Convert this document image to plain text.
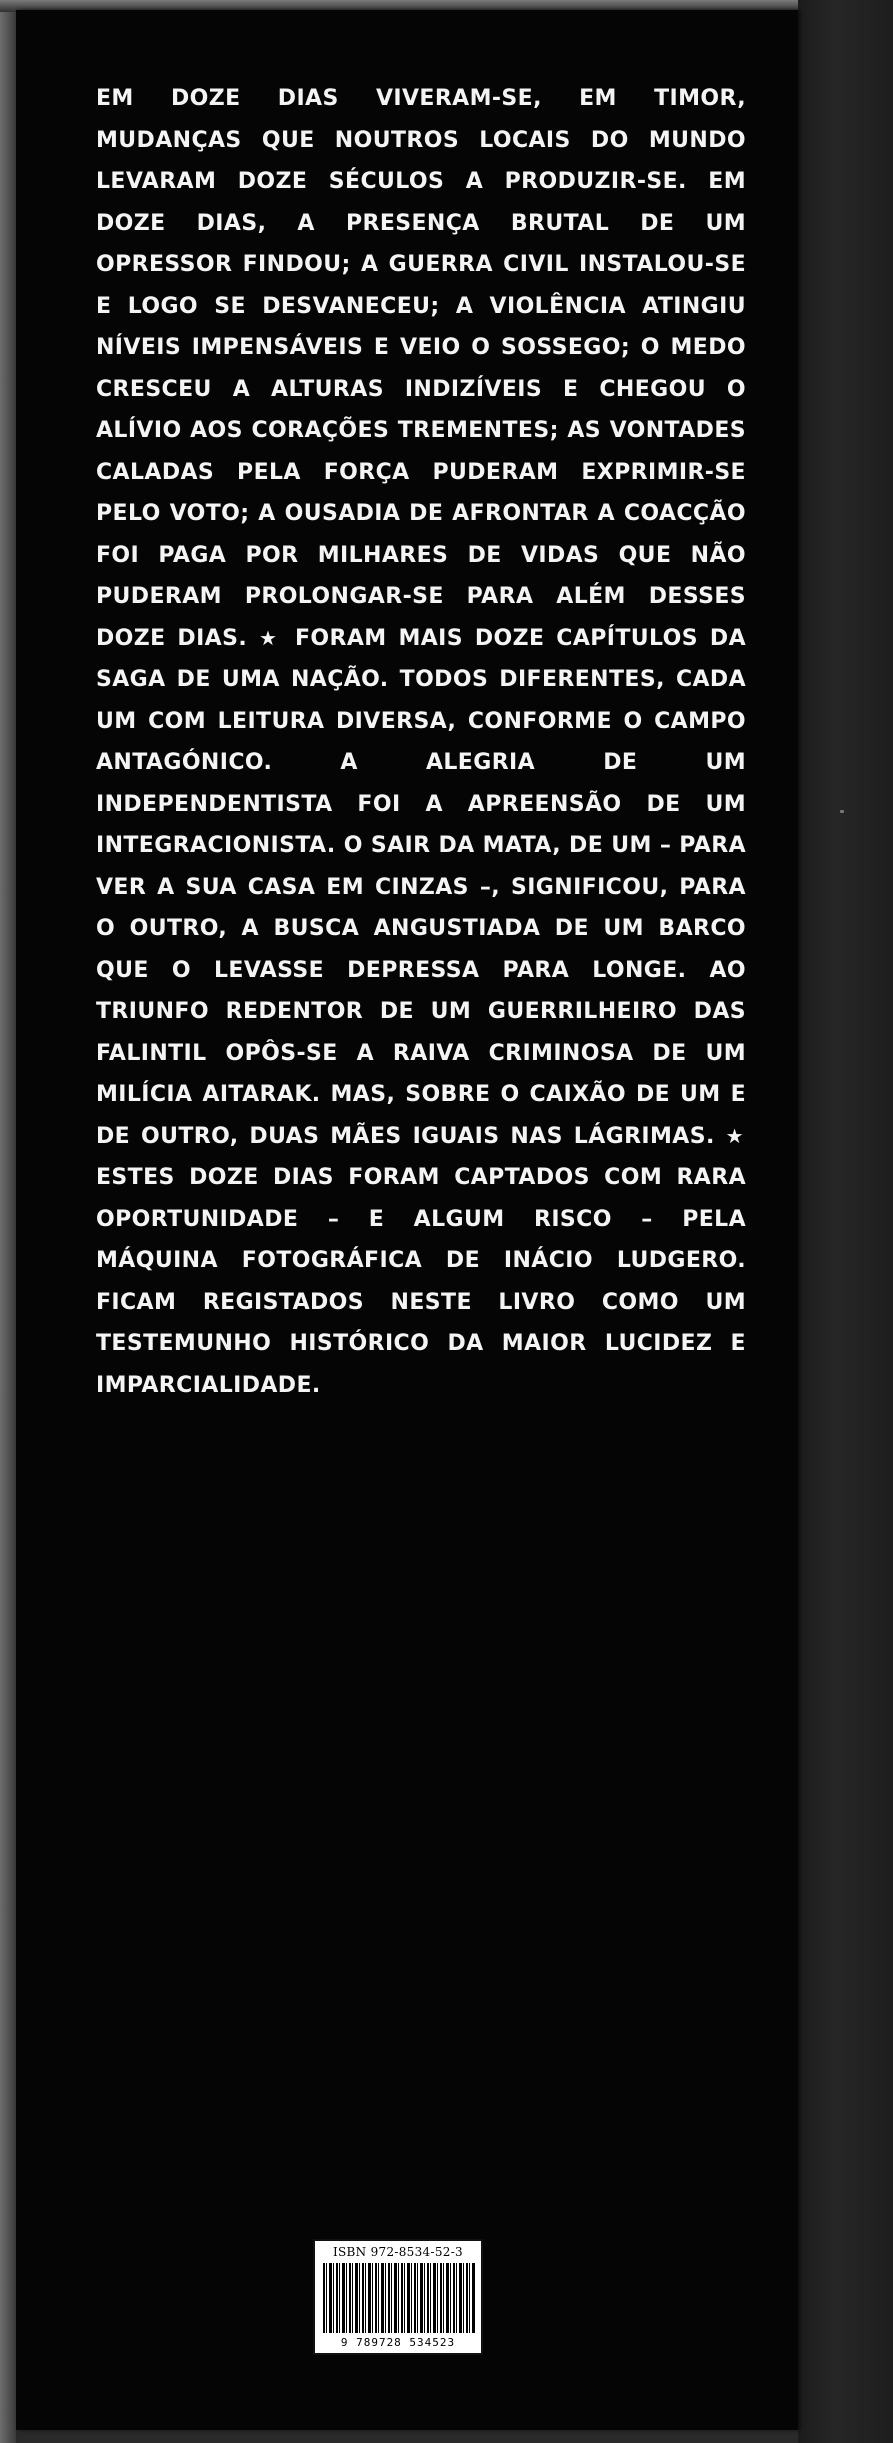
EM DOZE DIAS VIVERAM-SE, EM TIMOR, MUDANÇAS QUE NOUTROS LOCAIS DO MUNDO LEVARAM DOZE SÉCULOS A PRODUZIR-SE. EM DOZE DIAS, A PRESENÇA BRUTAL DE UM OPRESSOR FINDOU; A GUERRA CIVIL INSTALOU-SE E LOGO SE DESVANECEU; A VIOLÊNCIA ATINGIU NÍVEIS IMPENSÁVEIS E VEIO O SOSSEGO; O MEDO CRESCEU A ALTURAS INDIZÍVEIS E CHEGOU O ALÍVIO AOS CORAÇÕES TREMENTES; AS VONTADES CALADAS PELA FORÇA PUDERAM EXPRIMIR-SE PELO VOTO; A OUSADIA DE AFRONTAR A COACÇÃO FOI PAGA POR MILHARES DE VIDAS QUE NÃO PUDERAM PROLONGAR-SE PARA ALÉM DESSES DOZE DIAS. ★ FORAM MAIS DOZE CAPÍTULOS DA SAGA DE UMA NAÇÃO. TODOS DIFERENTES, CADA UM COM LEITURA DIVERSA, CONFORME O CAMPO ANTAGÓNICO. A ALEGRIA DE UM INDEPENDENTISTA FOI A APREENSÃO DE UM INTEGRACIONISTA. O SAIR DA MATA, DE UM – PARA VER A SUA CASA EM CINZAS –, SIGNIFICOU, PARA O OUTRO, A BUSCA ANGUSTIADA DE UM BARCO QUE O LEVASSE DEPRESSA PARA LONGE. AO TRIUNFO REDENTOR DE UM GUERRILHEIRO DAS FALINTIL OPÔS-SE A RAIVA CRIMINOSA DE UM MILÍCIA AITARAK. MAS, SOBRE O CAIXÃO DE UM E DE OUTRO, DUAS MÃES IGUAIS NAS LÁGRIMAS. ★

ESTES DOZE DIAS FORAM CAPTADOS COM RARA OPORTUNIDADE – E ALGUM RISCO – PELA MÁQUINA FOTOGRÁFICA DE INÁCIO LUDGERO. FICAM REGISTADOS NESTE LIVRO COMO UM TESTEMUNHO HISTÓRICO DA MAIOR LUCIDEZ E IMPARCIALIDADE.

ISBN 972-8534-52-3
9 789728 534523
